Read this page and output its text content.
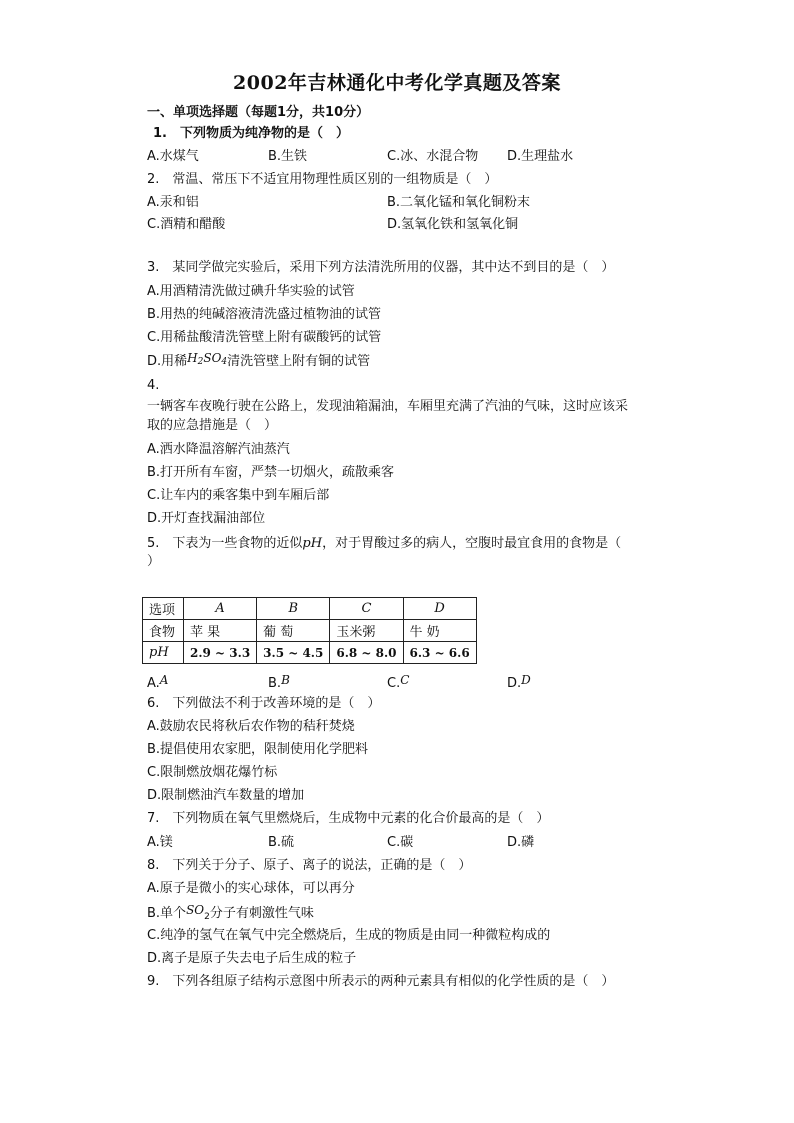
2002年吉林通化中考化学真题及答案
一、单项选择题（每题1分，共10分）
1.　下列物质为纯净物的是（　）
A.水煤气	B.生铁	C.冰、水混合物 D.生理盐水
2.　常温、常压下不适宜用物理性质区别的一组物质是（　）
A.汞和铝	B.二氧化锰和氧化铜粉末
C.酒精和醋酸	D.氢氧化铁和氢氧化铜
3.　某同学做完实验后，采用下列方法清洗所用的仪器，其中达不到目的是（　）
A.用酒精清洗做过碘升华实验的试管
B.用热的纯碱溶液清洗盛过植物油的试管
C.用稀盐酸清洗管壁上附有碳酸钙的试管
D.用稀$H_2SO_4$清洗管壁上附有铜的试管
4.
一辆客车夜晚行驶在公路上，发现油箱漏油，车厢里充满了汽油的气味，这时应该采
取的应急措施是（　）
A.洒水降温溶解汽油蒸汽
B.打开所有车窗，严禁一切烟火，疏散乘客
C.让车内的乘客集中到车厢后部
D.开灯查找漏油部位
5.　下表为一些食物的近似pH，对于胃酸过多的病人，空腹时最宜食用的食物是（
）
选项	A	B	C	D
食物	苹 果	葡 萄	玉米粥	牛 奶
pH	2.9 ~ 3.3	3.5 ~ 4.5	6.8 ~ 8.0	6.3 ~ 6.6
A.A	B.B	C.C	D.D
6.　下列做法不利于改善环境的是（　）
A.鼓励农民将秋后农作物的秸秆焚烧
B.提倡使用农家肥，限制使用化学肥料
C.限制燃放烟花爆竹标
D.限制燃油汽车数量的增加
7.　下列物质在氧气里燃烧后，生成物中元素的化合价最高的是（　）
A.镁	B.硫	C.碳	D.磷
8.　下列关于分子、原子、离子的说法，正确的是（　）
A.原子是微小的实心球体，可以再分
B.单个$SO_2$分子有刺激性气味
C.纯净的氢气在氧气中完全燃烧后，生成的物质是由同一种微粒构成的
D.离子是原子失去电子后生成的粒子
9.　下列各组原子结构示意图中所表示的两种元素具有相似的化学性质的是（　）
